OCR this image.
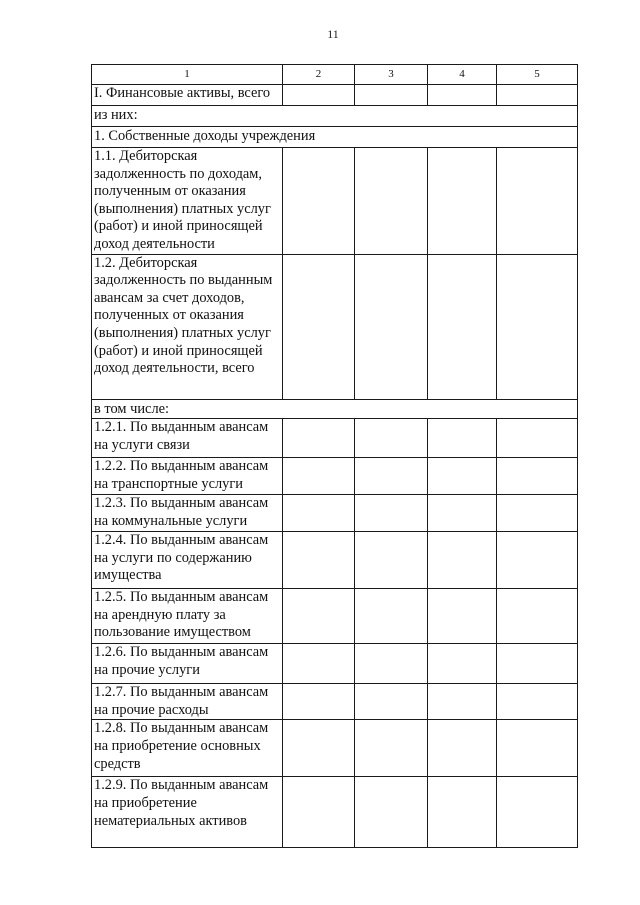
11
1	2	3	4	5
I. Финансовые активы, всего				
из них:				
1. Собственные доходы учреждения				
1.1. Дебиторская задолженность по доходам, полученным от оказания (выполнения) платных услуг (работ) и иной приносящей доход деятельности				
1.2. Дебиторская задолженность по выданным авансам за счет доходов, полученных от оказания (выполнения) платных услуг (работ) и иной приносящей доход деятельности, всего				
в том числе:				
1.2.1. По выданным авансам на услуги связи				
1.2.2. По выданным авансам на транспортные услуги				
1.2.3. По выданным авансам на коммунальные услуги				
1.2.4. По выданным авансам на услуги по содержанию имущества				
1.2.5. По выданным авансам на арендную плату за пользование имуществом				
1.2.6. По выданным авансам на прочие услуги				
1.2.7. По выданным авансам на прочие расходы				
1.2.8. По выданным авансам на приобретение основных средств				
1.2.9. По выданным авансам на приобретение нематериальных активов				
